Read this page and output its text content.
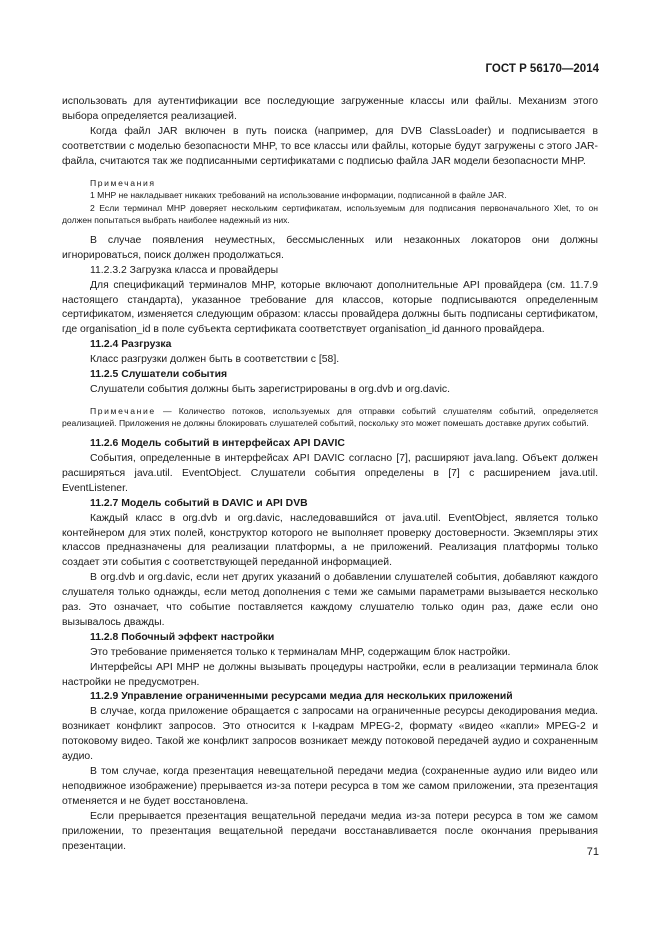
ГОСТ Р 56170—2014

использовать для аутентификации все последующие загруженные классы или файлы. Механизм этого выбора определяется реализацией.

Когда файл JAR включен в путь поиска (например, для DVB ClassLoader) и подписывается в соответствии с моделью безопасности MHP, то все классы или файлы, которые будут загружены с этого JAR-файла, считаются так же подписанными сертификатами с подписью файла JAR модели безопасности MHP.

Примечания

1 MHP не накладывает никаких требований на использование информации, подписанной в файле JAR.

2 Если терминал MHP доверяет нескольким сертификатам, используемым для подписания первоначального Xlet, то он должен попытаться выбрать наиболее надежный из них.

В случае появления неуместных, бессмысленных или незаконных локаторов они должны игнорироваться, поиск должен продолжаться.

11.2.3.2 Загрузка класса и провайдеры

Для спецификаций терминалов MHP, которые включают дополнительные API провайдера (см. 11.7.9 настоящего стандарта), указанное требование для классов, которые подписываются определенным сертификатом, изменяется следующим образом: классы провайдера должны быть подписаны сертификатом, где organisation_id в поле субъекта сертификата соответствует organisation_id данного провайдера.

11.2.4 Разгрузка

Класс разгрузки должен быть в соответствии с [58].

11.2.5 Слушатели события

Слушатели события должны быть зарегистрированы в org.dvb и org.davic.

Примечание — Количество потоков, используемых для отправки событий слушателям событий, определяется реализацией. Приложения не должны блокировать слушателей событий, поскольку это может помешать доставке других событий.

11.2.6 Модель событий в интерфейсах API DAVIC

События, определенные в интерфейсах API DAVIC согласно [7], расширяют java.lang. Объект должен расширяться java.util. EventObject. Слушатели события определены в [7] с расширением java.util. EventListener.

11.2.7 Модель событий в DAVIC и API DVB

Каждый класс в org.dvb и org.davic, наследовавшийся от java.util. EventObject, является только контейнером для этих полей, конструктор которого не выполняет проверку достоверности. Экземпляры этих классов предназначены для реализации платформы, а не приложений. Реализация платформы только создает эти события с соответствующей переданной информацией.

В org.dvb и org.davic, если нет других указаний о добавлении слушателей события, добавляют каждого слушателя только однажды, если метод дополнения с теми же самыми параметрами вызывается несколько раз. Это означает, что событие поставляется каждому слушателю только один раз, даже если оно вызывалось дважды.

11.2.8 Побочный эффект настройки

Это требование применяется только к терминалам MHP, содержащим блок настройки.

Интерфейсы API MHP не должны вызывать процедуры настройки, если в реализации терминала блок настройки не предусмотрен.

11.2.9 Управление ограниченными ресурсами медиа для нескольких приложений

В случае, когда приложение обращается с запросами на ограниченные ресурсы декодирования медиа. возникает конфликт запросов. Это относится к I-кадрам MPEG-2, формату «видео «капли» MPEG-2 и потоковому видео. Такой же конфликт запросов возникает между потоковой передачей аудио и сохраненным аудио.

В том случае, когда презентация невещательной передачи медиа (сохраненные аудио или видео или неподвижное изображение) прерывается из-за потери ресурса в том же самом приложении, эта презентация отменяется и не будет восстановлена.

Если прерывается презентация вещательной передачи медиа из-за потери ресурса в том же самом приложении, то презентация вещательной передачи восстанавливается после окончания прерывания презентации.	71
